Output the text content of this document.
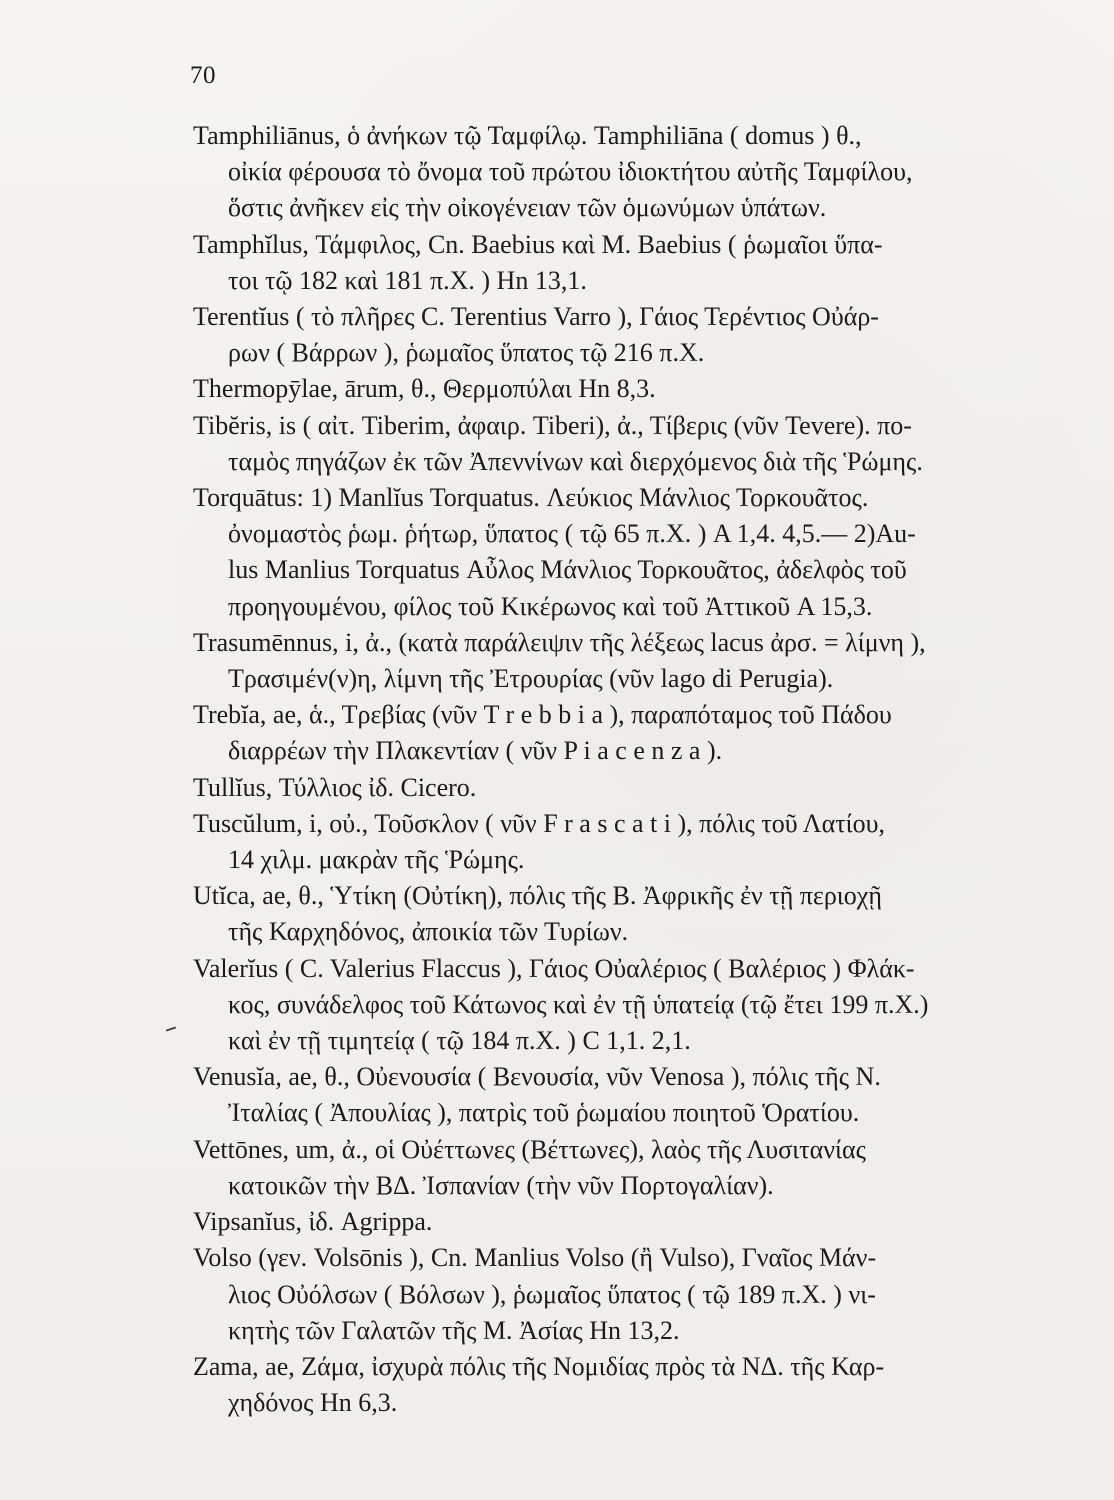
70
Tamphiliānus, ὁ ἀνήκων τῷ Ταμφίλῳ. Tamphiliāna ( domus ) θ.,
οἰκία φέρουσα τὸ ὄνομα τοῦ πρώτου ἰδιοκτήτου αὐτῆς Ταμφίλου,
ὅστις ἀνῆκεν εἰς τὴν οἰκογένειαν τῶν ὁμωνύμων ὑπάτων.
Tamphĭlus, Τάμφιλος, Cn. Baebius καὶ M. Baebius ( ῥωμαῖοι ὕπα-
τοι τῷ 182 καὶ 181 π.Χ. ) Hn 13,1.
Terentĭus ( τὸ πλῆρες C. Terentius Varro ), Γάιος Τερέντιος Οὐάρ-
ρων ( Βάρρων ), ῥωμαῖος ὕπατος τῷ 216 π.Χ.
Thermopȳlae, ārum, θ., Θερμοπύλαι Hn 8,3.
Tibĕris, is ( αἰτ. Tiberim, ἀφαιρ. Tiberi), ἀ., Τίβερις (νῦν Tevere). πο-
ταμὸς πηγάζων ἐκ τῶν Ἀπεννίνων καὶ διερχόμενος διὰ τῆς Ῥώμης.
Torquātus: 1) Manlĭus Torquatus. Λεύκιος Μάνλιος Τορκουᾶτος.
ὀνομαστὸς ῥωμ. ῥήτωρ, ὕπατος ( τῷ 65 π.Χ. ) A 1,4. 4,5.— 2)Au-
lus Manlius Torquatus Αὖλος Μάνλιος Τορκουᾶτος, ἀδελφὸς τοῦ
προηγουμένου, φίλος τοῦ Κικέρωνος καὶ τοῦ Ἀττικοῦ A 15,3.
Trasumēnnus, i, ἀ., (κατὰ παράλειψιν τῆς λέξεως lacus ἀρσ. = λίμνη ),
Τρασιμέν(ν)η, λίμνη τῆς Ἐτρουρίας (νῦν lago di Perugia).
Trebĭa, ae, ἁ., Τρεβίας (νῦν T r e b b i a ), παραπόταμος τοῦ Πάδου
διαρρέων τὴν Πλακεντίαν ( νῦν P i a c e n z a ).
Tullĭus, Τύλλιος ἰδ. Cicero.
Tuscŭlum, i, οὐ., Τοῦσκλον ( νῦν F r a s c a t i ), πόλις τοῦ Λατίου,
14 χιλμ. μακρὰν τῆς Ῥώμης.
Utĭca, ae, θ., Ὑτίκη (Οὐτίκη), πόλις τῆς Β. Ἀφρικῆς ἐν τῇ περιοχῇ
τῆς Καρχηδόνος, ἀποικία τῶν Τυρίων.
Valerĭus ( C. Valerius Flaccus ), Γάιος Οὐαλέριος ( Βαλέριος ) Φλάκ-
κος, συνάδελφος τοῦ Κάτωνος καὶ ἐν τῇ ὑπατείᾳ (τῷ ἔτει 199 π.Χ.)
καὶ ἐν τῇ τιμητείᾳ ( τῷ 184 π.Χ. ) C 1,1. 2,1.
Venusĭa, ae, θ., Οὐενουσία ( Βενουσία, νῦν Venosa ), πόλις τῆς Ν.
Ἰταλίας ( Ἀπουλίας ), πατρὶς τοῦ ῥωμαίου ποιητοῦ Ὁρατίου.
Vettōnes, um, ἀ., οἱ Οὐέττωνες (Βέττωνες), λαὸς τῆς Λυσιτανίας
κατοικῶν τὴν ΒΔ. Ἰσπανίαν (τὴν νῦν Πορτογαλίαν).
Vipsanĭus, ἰδ. Agrippa.
Volso (γεν. Volsōnis ), Cn. Manlius Volso (ἢ Vulso), Γναῖος Μάν-
λιος Οὐόλσων ( Βόλσων ), ῥωμαῖος ὕπατος ( τῷ 189 π.Χ. ) νι-
κητὴς τῶν Γαλατῶν τῆς Μ. Ἀσίας Hn 13,2.
Zama, ae, Ζάμα, ἰσχυρὰ πόλις τῆς Νομιδίας πρὸς τὰ ΝΔ. τῆς Καρ-
χηδόνος Hn 6,3.
